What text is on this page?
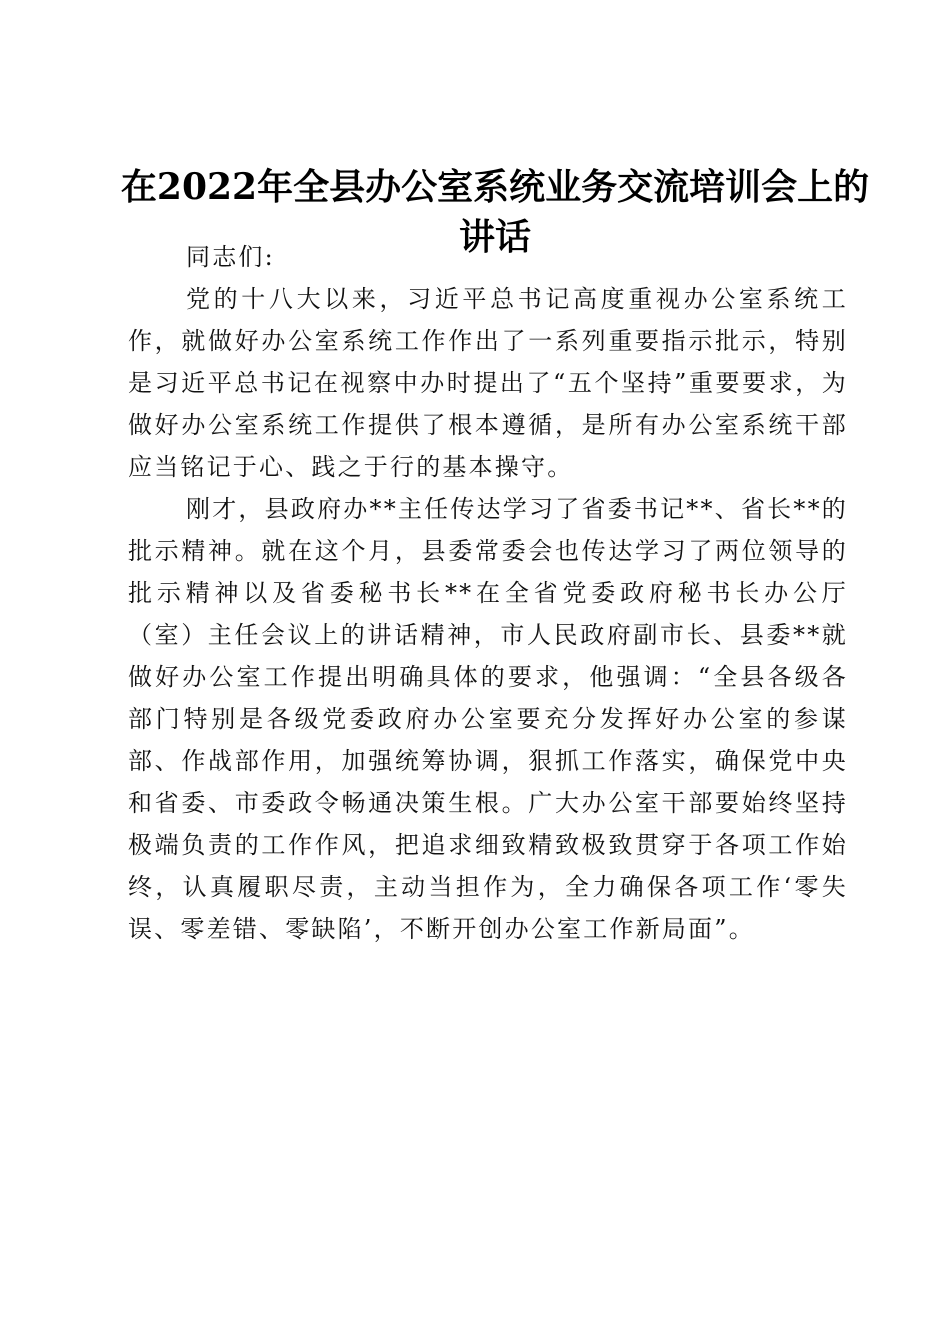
在2022年全县办公室系统业务交流培训会上的讲话

同志们:

党的十八大以来，习近平总书记高度重视办公室系统工作，就做好办公室系统工作作出了一系列重要指示批示，特别是习近平总书记在视察中办时提出了“五个坚持”重要要求，为做好办公室系统工作提供了根本遵循，是所有办公室系统干部应当铭记于心、践之于行的基本操守。

刚才，县政府办**主任传达学习了省委书记**、省长**的批示精神。就在这个月，县委常委会也传达学习了两位领导的批示精神以及省委秘书长**在全省党委政府秘书长办公厅（室）主任会议上的讲话精神，市人民政府副市长、县委**就做好办公室工作提出明确具体的要求，他强调：“全县各级各部门特别是各级党委政府办公室要充分发挥好办公室的参谋部、作战部作用，加强统筹协调，狠抓工作落实，确保党中央和省委、市委政令畅通决策生根。广大办公室干部要始终坚持极端负责的工作作风，把追求细致精致极致贯穿于各项工作始终，认真履职尽责，主动当担作为，全力确保各项工作‘零失误、零差错、零缺陷’，不断开创办公室工作新局面”。
